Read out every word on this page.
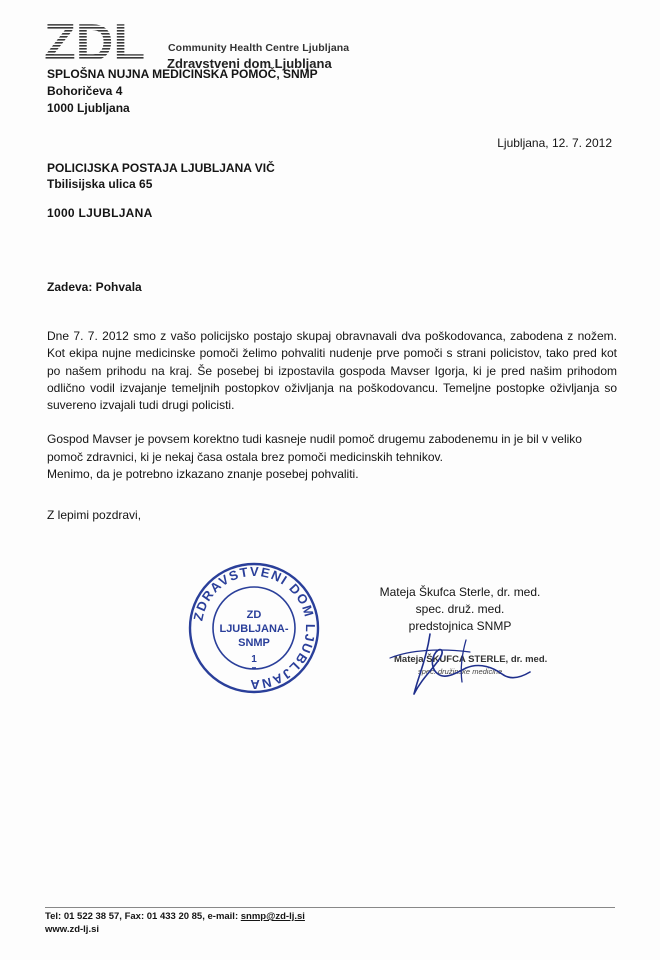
ZDL Community Health Centre Ljubljana
Zdravstveni dom Ljubljana
SPLOŠNA NUJNA MEDICINSKA POMOČ, SNMP
Bohoričeva 4
1000 Ljubljana
Ljubljana, 12. 7. 2012
POLICIJSKA POSTAJA LJUBLJANA VIČ
Tbilisijska ulica 65
1000 LJUBLJANA
Zadeva: Pohvala

Dne 7. 7. 2012 smo z vašo policijsko postajo skupaj obravnavali dva poškodovanca, zabodena z nožem. Kot ekipa nujne medicinske pomoči želimo pohvaliti nudenje prve pomoči s strani policistov, tako pred kot po našem prihodu na kraj. Še posebej bi izpostavila gospoda Mavser Igorja, ki je pred našim prihodom odlično vodil izvajanje temeljnih postopkov oživljanja na poškodovancu. Temeljne postopke oživljanja so suvereno izvajali tudi drugi policisti.

Gospod Mavser je povsem korektno tudi kasneje nudil pomoč drugemu zabodenemu in je bil v veliko pomoč zdravnici, ki je nekaj časa ostala brez pomoči medicinskih tehnikov.

Menimo, da je potrebno izkazano znanje posebej pohvaliti.

Z lepimi pozdravi,
ZDRAVSTVENI DOM LJUBLJANA
ZD
LJUBLJANA-
SNMP
1
Mateja Škufca Sterle, dr. med.
spec. druž. med.
predstojnica SNMP
Mateja ŠKUFCA STERLE, dr. med.
spec. družinske medicine
Tel: 01 522 38 57, Fax: 01 433 20 85, e-mail: snmp@zd-lj.si
www.zd-lj.si
